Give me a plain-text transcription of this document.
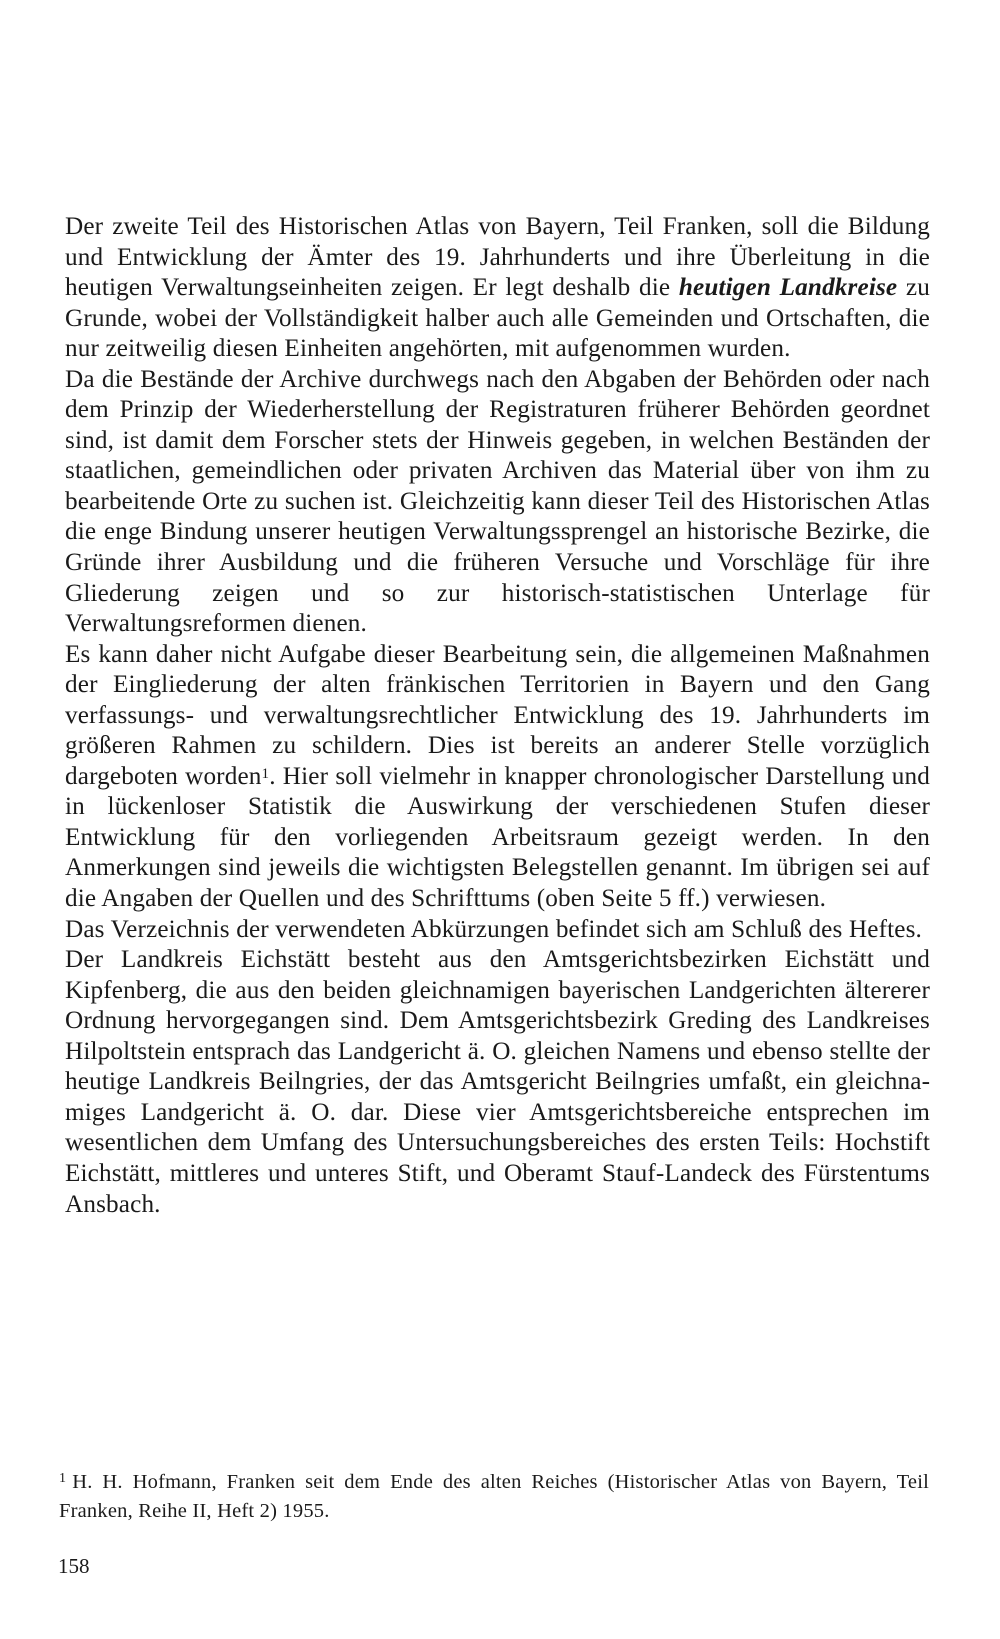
Der zweite Teil des Historischen Atlas von Bayern, Teil Franken, soll die Bildung und Entwicklung der Ämter des 19. Jahrhunderts und ihre Überleitung in die heutigen Verwaltungseinheiten zeigen. Er legt deshalb die heutigen Landkreise zu Grunde, wobei der Vollständigkeit halber auch alle Gemeinden und Ortschaften, die nur zeitweilig diesen Einheiten angehörten, mit aufgenommen wurden.

Da die Bestände der Archive durchwegs nach den Abgaben der Behörden oder nach dem Prinzip der Wiederherstellung der Registraturen früherer Behörden geordnet sind, ist damit dem Forscher stets der Hinweis gegeben, in welchen Beständen der staatlichen, gemeindlichen oder privaten Archiven das Material über von ihm zu bearbeitende Orte zu suchen ist. Gleichzeitig kann dieser Teil des Historischen Atlas die enge Bindung unserer heutigen Verwaltungssprengel an historische Bezirke, die Gründe ihrer Ausbildung und die früheren Versuche und Vorschläge für ihre Gliederung zeigen und so zur historisch-statistischen Unterlage für Verwaltungsreformen dienen.

Es kann daher nicht Aufgabe dieser Bearbeitung sein, die allgemeinen Maßnahmen der Eingliederung der alten fränkischen Territorien in Bayern und den Gang verfassungs- und verwaltungsrechtlicher Entwicklung des 19. Jahrhunderts im größeren Rahmen zu schildern. Dies ist bereits an anderer Stelle vorzüglich dargeboten worden$^1$. Hier soll vielmehr in knapper chronologischer Darstellung und in lückenloser Statistik die Auswirkung der verschiedenen Stufen dieser Entwicklung für den vorliegenden Arbeitsraum gezeigt werden. In den Anmerkungen sind jeweils die wichtigsten Belegstellen genannt. Im übrigen sei auf die Angaben der Quellen und des Schrifttums (oben Seite 5 ff.) verwiesen.

Das Verzeichnis der verwendeten Abkürzungen befindet sich am Schluß des Heftes.

Der Landkreis Eichstätt besteht aus den Amtsgerichtsbezirken Eichstätt und Kipfenberg, die aus den beiden gleichnamigen bayerischen Landgerichten ältererer Ordnung hervorgegangen sind. Dem Amtsgerichtsbezirk Greding des Landkreises Hilpoltstein entsprach das Landgericht ä. O. gleichen Namens und ebenso stellte der heutige Landkreis Beilngries, der das Amtsgericht Beilngries umfaßt, ein gleichnamiges Landgericht ä. O. dar. Diese vier Amtsgerichtsbereiche entsprechen im wesentlichen dem Umfang des Untersuchungsbereiches des ersten Teils: Hochstift Eichstätt, mittleres und unteres Stift, und Oberamt Stauf-Landeck des Fürstentums Ansbach.

$^1$ H. H. Hofmann, Franken seit dem Ende des alten Reiches (Historischer Atlas von Bayern, Teil Franken, Reihe II, Heft 2) 1955.
158
